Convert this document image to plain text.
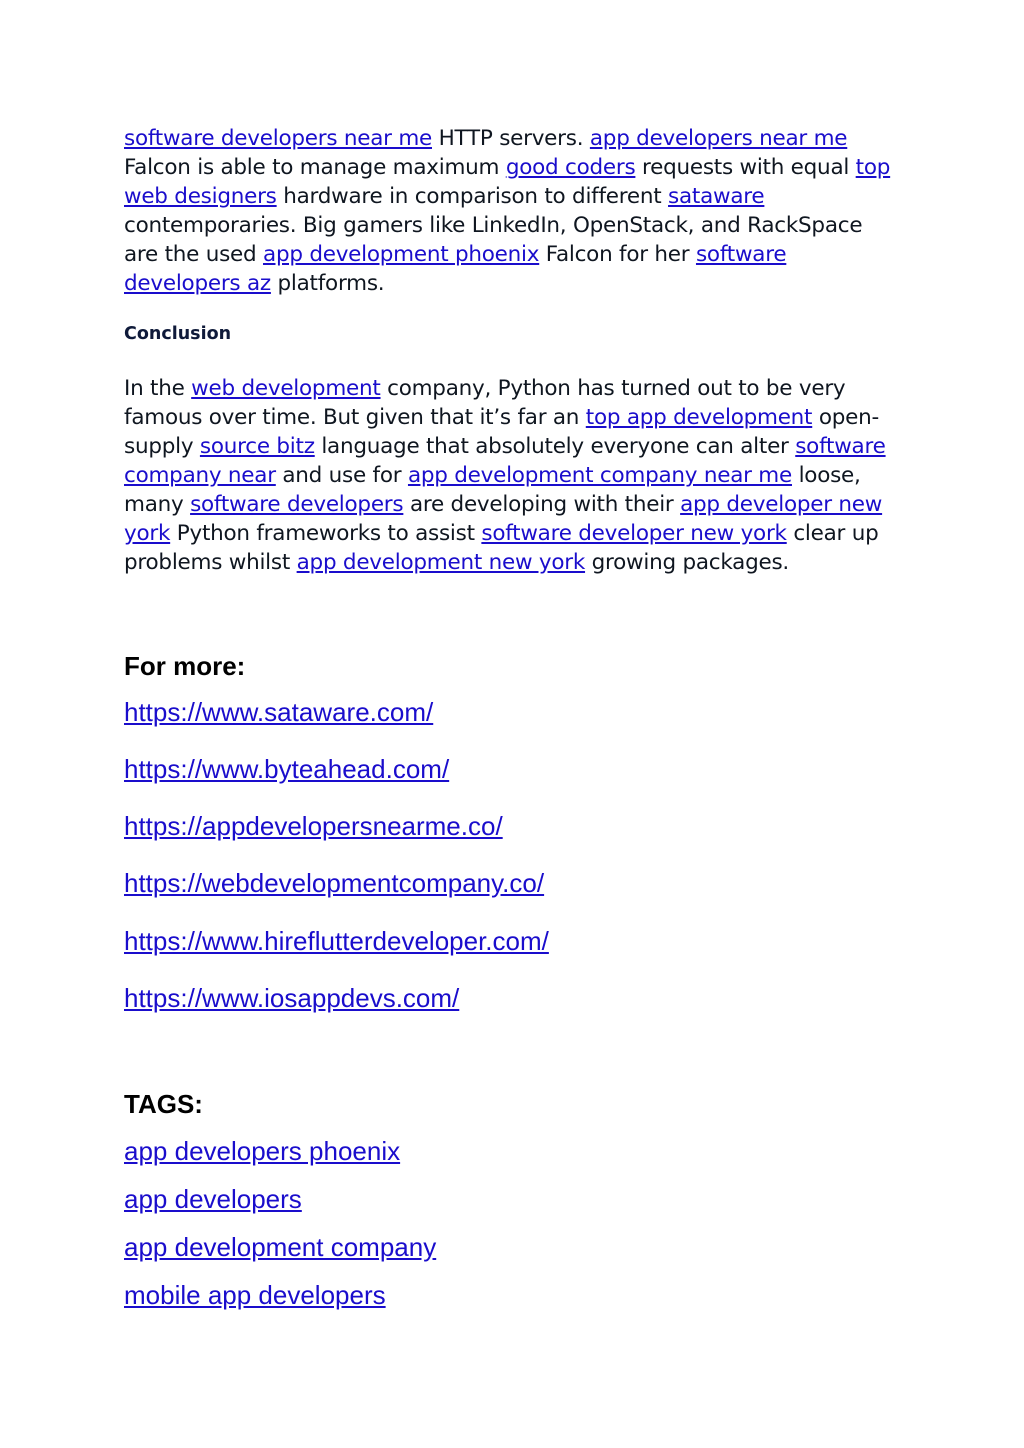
software developers near me HTTP servers. app developers near me Falcon is able to manage maximum good coders requests with equal top web designers hardware in comparison to different sataware contemporaries. Big gamers like LinkedIn, OpenStack, and RackSpace are the used app development phoenix Falcon for her software developers az platforms.
Conclusion
In the web development company, Python has turned out to be very famous over time. But given that it’s far an top app development open-supply source bitz language that absolutely everyone can alter software company near and use for app development company near me loose, many software developers are developing with their app developer new york Python frameworks to assist software developer new york clear up problems whilst app development new york growing packages.
For more:
https://www.sataware.com/
https://www.byteahead.com/
https://appdevelopersnearme.co/
https://webdevelopmentcompany.co/
https://www.hireflutterdeveloper.com/
https://www.iosappdevs.com/
TAGS:
app developers phoenix
app developers
app development company
mobile app developers
